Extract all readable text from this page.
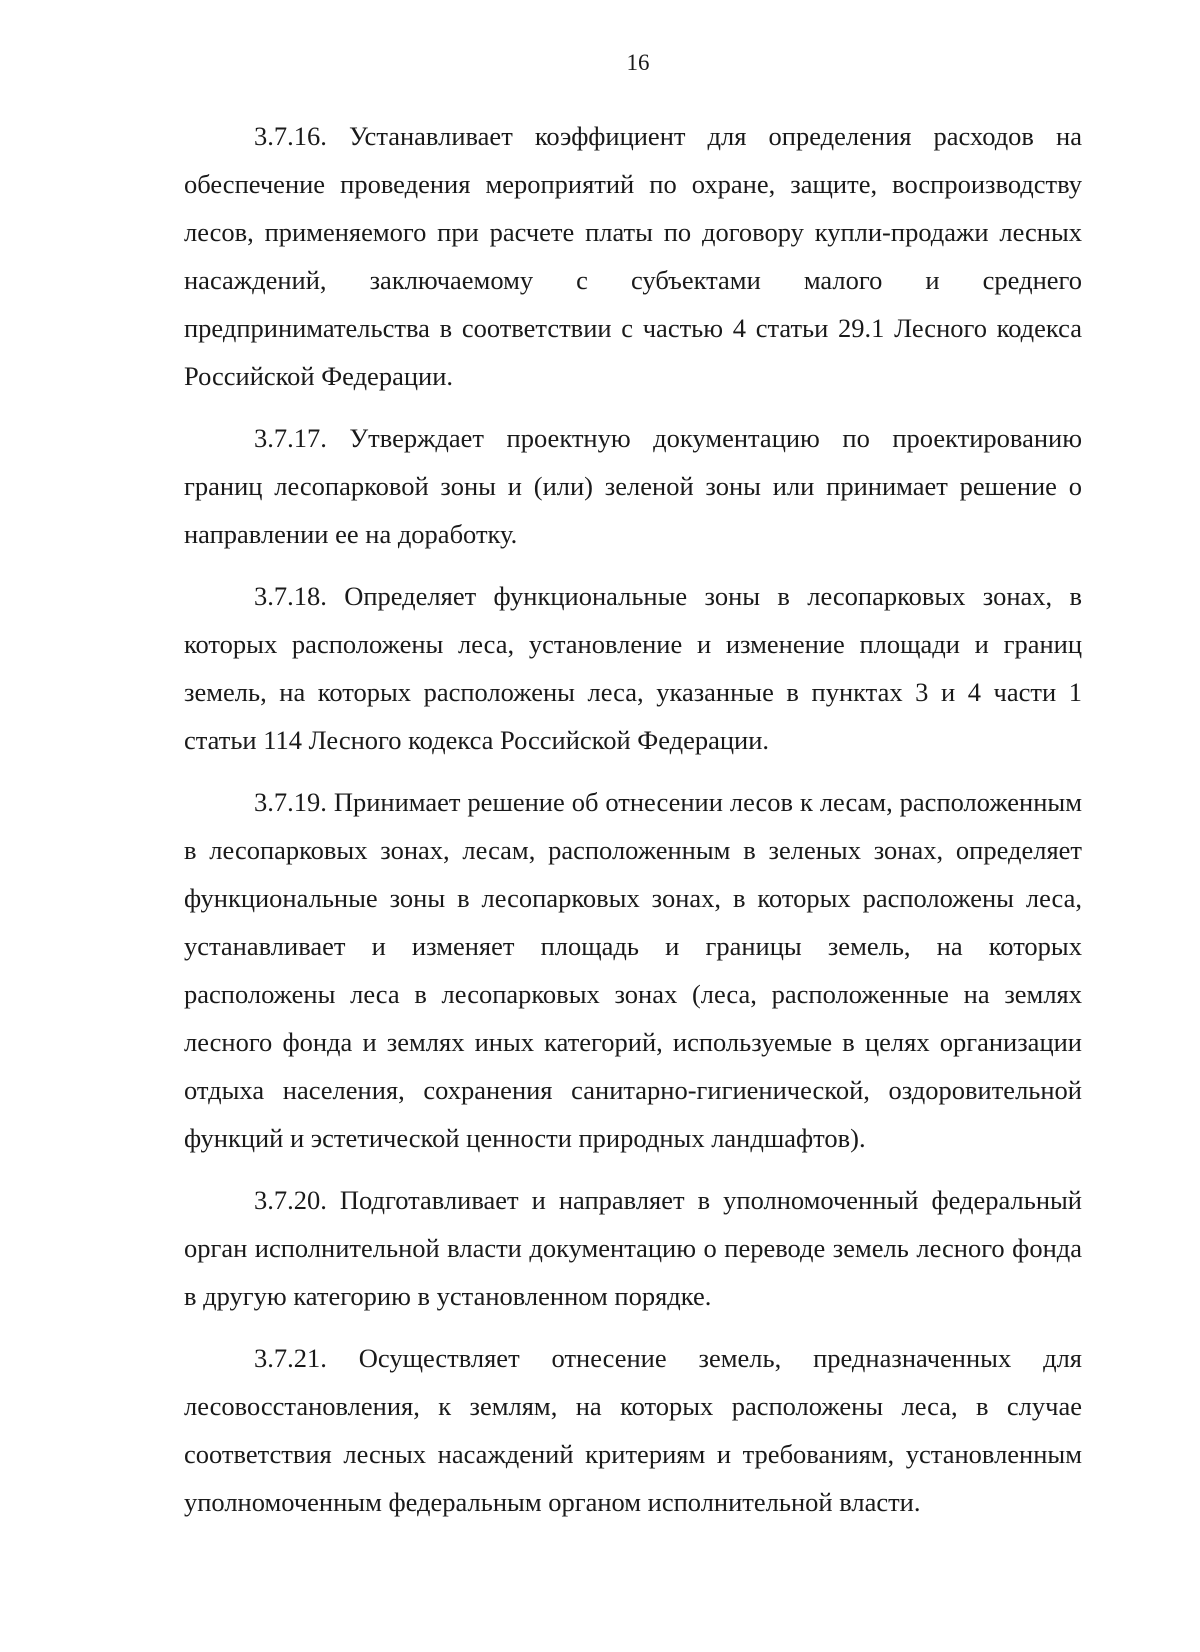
16

3.7.16. Устанавливает коэффициент для определения расходов на обеспечение проведения мероприятий по охране, защите, воспроизводству лесов, применяемого при расчете платы по договору купли-продажи лесных насаждений, заключаемому с субъектами малого и среднего предпринимательства в соответствии с частью 4 статьи 29.1 Лесного кодекса Российской Федерации.

3.7.17. Утверждает проектную документацию по проектированию границ лесопарковой зоны и (или) зеленой зоны или принимает решение о направлении ее на доработку.

3.7.18. Определяет функциональные зоны в лесопарковых зонах, в которых расположены леса, установление и изменение площади и границ земель, на которых расположены леса, указанные в пунктах 3 и 4 части 1 статьи 114 Лесного кодекса Российской Федерации.

3.7.19. Принимает решение об отнесении лесов к лесам, расположенным в лесопарковых зонах, лесам, расположенным в зеленых зонах, определяет функциональные зоны в лесопарковых зонах, в которых расположены леса, устанавливает и изменяет площадь и границы земель, на которых расположены леса в лесопарковых зонах (леса, расположенные на землях лесного фонда и землях иных категорий, используемые в целях организации отдыха населения, сохранения санитарно-гигиенической, оздоровительной функций и эстетической ценности природных ландшафтов).

3.7.20. Подготавливает и направляет в уполномоченный федеральный орган исполнительной власти документацию о переводе земель лесного фонда в другую категорию в установленном порядке.

3.7.21. Осуществляет отнесение земель, предназначенных для лесовосстановления, к землям, на которых расположены леса, в случае соответствия лесных насаждений критериям и требованиям, установленным уполномоченным федеральным органом исполнительной власти.
